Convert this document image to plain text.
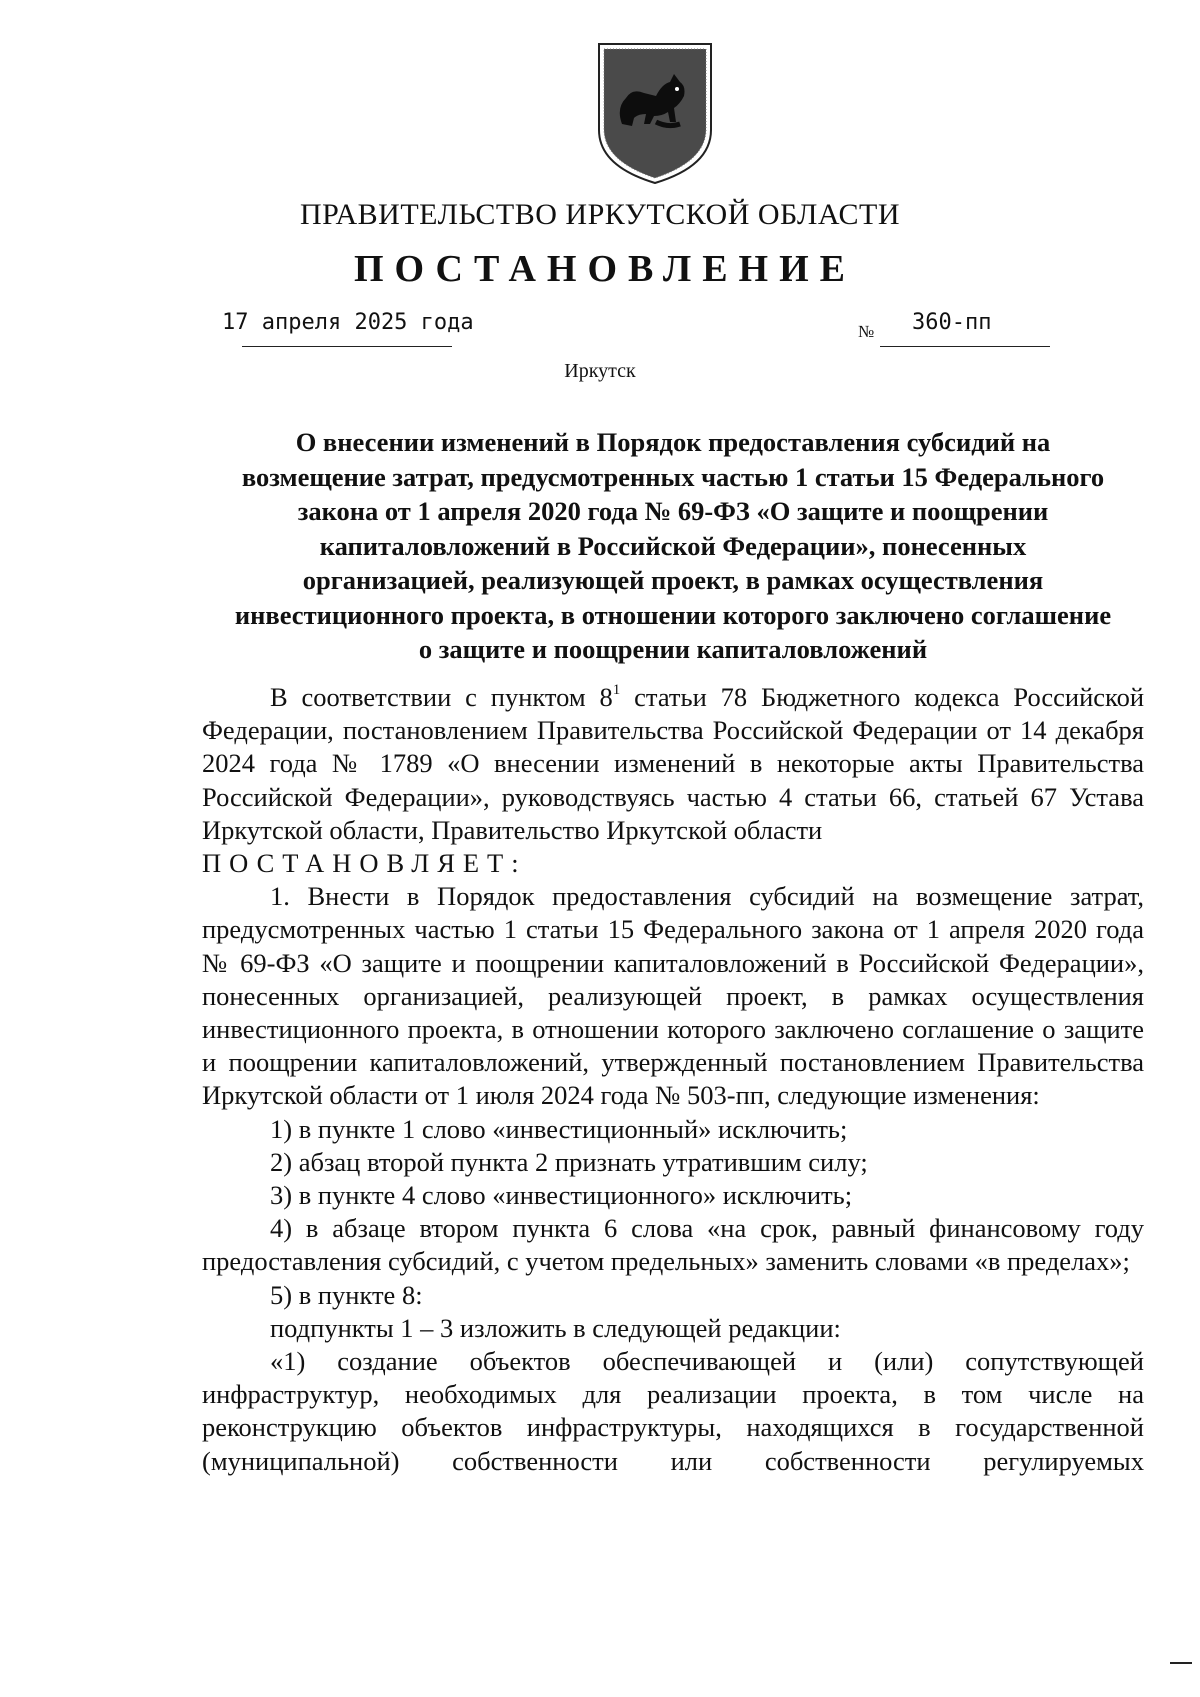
ПРАВИТЕЛЬСТВО ИРКУТСКОЙ ОБЛАСТИ
ПОСТАНОВЛЕНИЕ
17 апреля 2025 года	№ 360-пп
Иркутск
О внесении изменений в Порядок предоставления субсидий на
возмещение затрат, предусмотренных частью 1 статьи 15 Федерального
закона от 1 апреля 2020 года № 69-ФЗ «О защите и поощрении
капиталовложений в Российской Федерации», понесенных
организацией, реализующей проект, в рамках осуществления
инвестиционного проекта, в отношении которого заключено соглашение
о защите и поощрении капиталовложений

В соответствии с пунктом $8^1$ статьи 78 Бюджетного кодекса Российской Федерации, постановлением Правительства Российской Федерации от 14 декабря 2024 года № 1789 «О внесении изменений в некоторые акты Правительства Российской Федерации», руководствуясь частью 4 статьи 66, статьей 67 Устава Иркутской области, Правительство Иркутской области

ПОСТАНОВЛЯЕТ:

1. Внести в Порядок предоставления субсидий на возмещение затрат, предусмотренных частью 1 статьи 15 Федерального закона от 1 апреля 2020 года № 69-ФЗ «О защите и поощрении капиталовложений в Российской Федерации», понесенных организацией, реализующей проект, в рамках осуществления инвестиционного проекта, в отношении которого заключено соглашение о защите и поощрении капиталовложений, утвержденный постановлением Правительства Иркутской области от 1 июля 2024 года № 503-пп, следующие изменения:

1) в пункте 1 слово «инвестиционный» исключить;

2) абзац второй пункта 2 признать утратившим силу;

3) в пункте 4 слово «инвестиционного» исключить;

4) в абзаце втором пункта 6 слова «на срок, равный финансовому году предоставления субсидий, с учетом предельных» заменить словами «в пределах»;

5) в пункте 8:

подпункты 1 – 3 изложить в следующей редакции:

«1) создание объектов обеспечивающей и (или) сопутствующей инфраструктур, необходимых для реализации проекта, в том числе на реконструкцию объектов инфраструктуры, находящихся в государственной (муниципальной) собственности или собственности регулируемых
